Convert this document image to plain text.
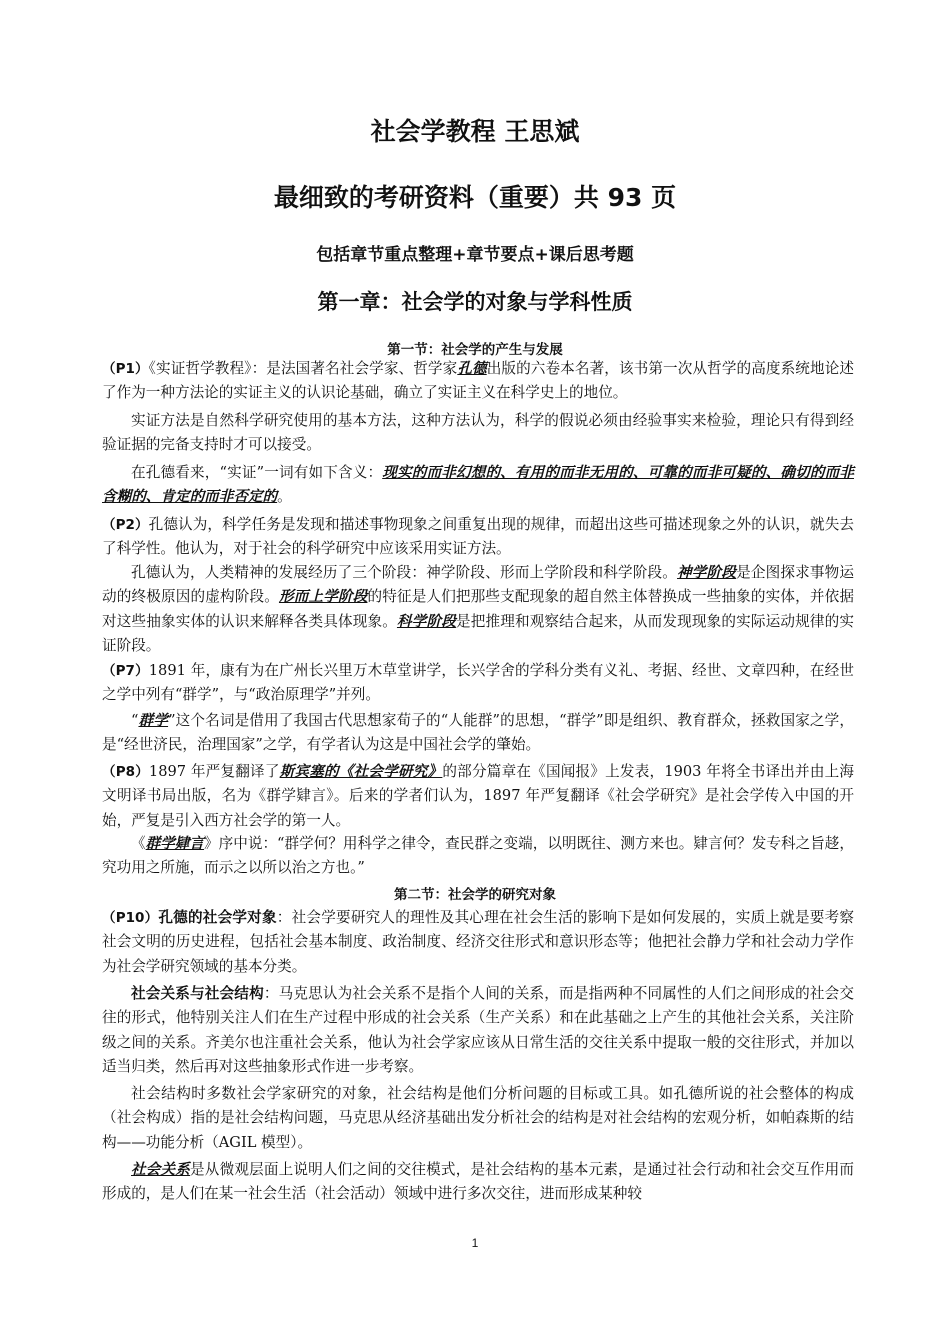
社会学教程 王思斌
最细致的考研资料（重要）共 93 页
包括章节重点整理+章节要点+课后思考题
第一章：社会学的对象与学科性质
第一节：社会学的产生与发展
（P1）《实证哲学教程》：是法国著名社会学家、哲学家孔德出版的六卷本名著，该书第一次从哲学的高度系统地论述了作为一种方法论的实证主义的认识论基础，确立了实证主义在科学史上的地位。
实证方法是自然科学研究使用的基本方法，这种方法认为，科学的假说必须由经验事实来检验，理论只有得到经验证据的完备支持时才可以接受。
在孔德看来，“实证”一词有如下含义：现实的而非幻想的、有用的而非无用的、可靠的而非可疑的、确切的而非含糊的、肯定的而非否定的。
（P2）孔德认为，科学任务是发现和描述事物现象之间重复出现的规律，而超出这些可描述现象之外的认识，就失去了科学性。他认为，对于社会的科学研究中应该采用实证方法。
孔德认为，人类精神的发展经历了三个阶段：神学阶段、形而上学阶段和科学阶段。神学阶段是企图探求事物运动的终极原因的虚构阶段。形而上学阶段的特征是人们把那些支配现象的超自然主体替换成一些抽象的实体，并依据对这些抽象实体的认识来解释各类具体现象。科学阶段是把推理和观察结合起来，从而发现现象的实际运动规律的实证阶段。
（P7）1891 年，康有为在广州长兴里万木草堂讲学，长兴学舍的学科分类有义礼、考据、经世、文章四种，在经世之学中列有“群学”，与“政治原理学”并列。
“群学”这个名词是借用了我国古代思想家荀子的“人能群”的思想，“群学”即是组织、教育群众，拯救国家之学，是“经世济民，治理国家”之学，有学者认为这是中国社会学的肇始。
（P8）1897 年严复翻译了斯宾塞的《社会学研究》的部分篇章在《国闻报》上发表，1903 年将全书译出并由上海文明译书局出版，名为《群学肄言》。后来的学者们认为，1897 年严复翻译《社会学研究》是社会学传入中国的开始，严复是引入西方社会学的第一人。
《群学肄言》序中说：“群学何？用科学之律令，查民群之变端，以明既往、测方来也。肄言何？发专科之旨趍，究功用之所施，而示之以所以治之方也。”
第二节：社会学的研究对象
（P10）孔德的社会学对象：社会学要研究人的理性及其心理在社会生活的影响下是如何发展的，实质上就是要考察社会文明的历史进程，包括社会基本制度、政治制度、经济交往形式和意识形态等；他把社会静力学和社会动力学作为社会学研究领域的基本分类。
社会关系与社会结构：马克思认为社会关系不是指个人间的关系，而是指两种不同属性的人们之间形成的社会交往的形式，他特别关注人们在生产过程中形成的社会关系（生产关系）和在此基础之上产生的其他社会关系，关注阶级之间的关系。齐美尔也注重社会关系，他认为社会学家应该从日常生活的交往关系中提取一般的交往形式，并加以适当归类，然后再对这些抽象形式作进一步考察。
社会结构时多数社会学家研究的对象，社会结构是他们分析问题的目标或工具。如孔德所说的社会整体的构成（社会构成）指的是社会结构问题，马克思从经济基础出发分析社会的结构是对社会结构的宏观分析，如帕森斯的结构——功能分析（AGIL 模型）。
社会关系是从微观层面上说明人们之间的交往模式，是社会结构的基本元素，是通过社会行动和社会交互作用而形成的，是人们在某一社会生活（社会活动）领域中进行多次交往，进而形成某种较
1
